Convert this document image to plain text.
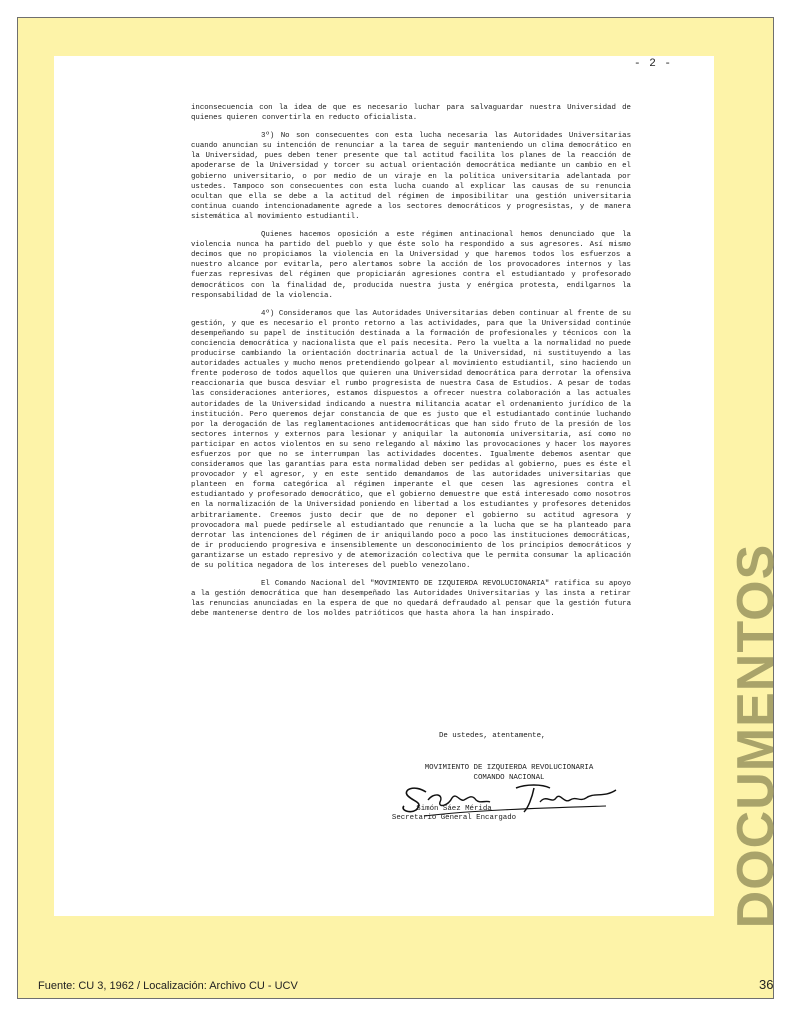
- 2 -

inconsecuencia con la idea de que es necesario luchar para salvaguardar nuestra Universidad de quienes quieren convertirla en reducto oficialista.

3º) No son consecuentes con esta lucha necesaria las Autoridades Universitarias cuando anuncian su intención de renunciar a la tarea de seguir manteniendo un clima democrático en la Universidad, pues deben tener presente que tal actitud facilita los planes de la reacción de apoderarse de la Universidad y torcer su actual orientación democrática mediante un cambio en el gobierno universitario, o por medio de un viraje en la política universitaria adelantada por ustedes. Tampoco son consecuentes con esta lucha cuando al explicar las causas de su renuncia ocultan que ella se debe a la actitud del régimen de imposibilitar una gestión universitaria continua cuando intencionadamente agrede a los sectores democráticos y progresistas, y de manera sistemática al movimiento estudiantil.

Quienes hacemos oposición a este régimen antinacional hemos denunciado que la violencia nunca ha partido del pueblo y que éste solo ha respondido a sus agresores. Así mismo decimos que no propiciamos la violencia en la Universidad y que haremos todos los esfuerzos a nuestro alcance por evitarla, pero alertamos sobre la acción de los provocadores internos y las fuerzas represivas del régimen que propiciarán agresiones contra el estudiantado y profesorado democráticos con la finalidad de, producida nuestra justa y enérgica protesta, endilgarnos la responsabilidad de la violencia.

4º) Consideramos que las Autoridades Universitarias deben continuar al frente de su gestión, y que es necesario el pronto retorno a las actividades, para que la Universidad continúe desempeñando su papel de institución destinada a la formación de profesionales y técnicos con la conciencia democrática y nacionalista que el país necesita. Pero la vuelta a la normalidad no puede producirse cambiando la orientación doctrinaria actual de la Universidad, ni sustituyendo a las autoridades actuales y mucho menos pretendiendo golpear al movimiento estudiantil, sino haciendo un frente poderoso de todos aquellos que quieren una Universidad democrática para derrotar la ofensiva reaccionaria que busca desviar el rumbo progresista de nuestra Casa de Estudios. A pesar de todas las consideraciones anteriores, estamos dispuestos a ofrecer nuestra colaboración a las actuales autoridades de la Universidad indicando a nuestra militancia acatar el ordenamiento jurídico de la institución. Pero queremos dejar constancia de que es justo que el estudiantado continúe luchando por la derogación de las reglamentaciones antidemocráticas que han sido fruto de la presión de los sectores internos y externos para lesionar y aniquilar la autonomía universitaria, así como no participar en actos violentos en su seno relegando al máximo las provocaciones y hacer los mayores esfuerzos por que no se interrumpan las actividades docentes. Igualmente debemos asentar que consideramos que las garantías para esta normalidad deben ser pedidas al gobierno, pues es éste el provocador y el agresor, y en este sentido demandamos de las autoridades universitarias que planteen en forma categórica al régimen imperante el que cesen las agresiones contra el estudiantado y profesorado democrático, que el gobierno demuestre que está interesado como nosotros en la normalización de la Universidad poniendo en libertad a los estudiantes y profesores detenidos arbitrariamente. Creemos justo decir que de no deponer el gobierno su actitud agresora y provocadora mal puede pedírsele al estudiantado que renuncie a la lucha que se ha planteado para derrotar las intenciones del régimen de ir aniquilando poco a poco las instituciones democráticas, de ir produciendo progresiva e insensiblemente un desconocimiento de los principios democráticos y garantizarse un estado represivo y de atemorización colectiva que le permita consumar la aplicación de su política negadora de los intereses del pueblo venezolano.

El Comando Nacional del "MOVIMIENTO DE IZQUIERDA REVOLUCIONARIA" ratifica su apoyo a la gestión democrática que han desempeñado las Autoridades Universitarias y las insta a retirar las renuncias anunciadas en la espera de que no quedará defraudado al pensar que la gestión futura debe mantenerse dentro de los moldes patrióticos que hasta ahora la han inspirado.

De ustedes, atentamente,
MOVIMIENTO DE IZQUIERDA REVOLUCIONARIA
COMANDO NACIONAL
Simón Sáez Mérida
Secretario General Encargado	DOCUMENTOS
Fuente: CU 3, 1962 / Localización: Archivo CU - UCV	36
